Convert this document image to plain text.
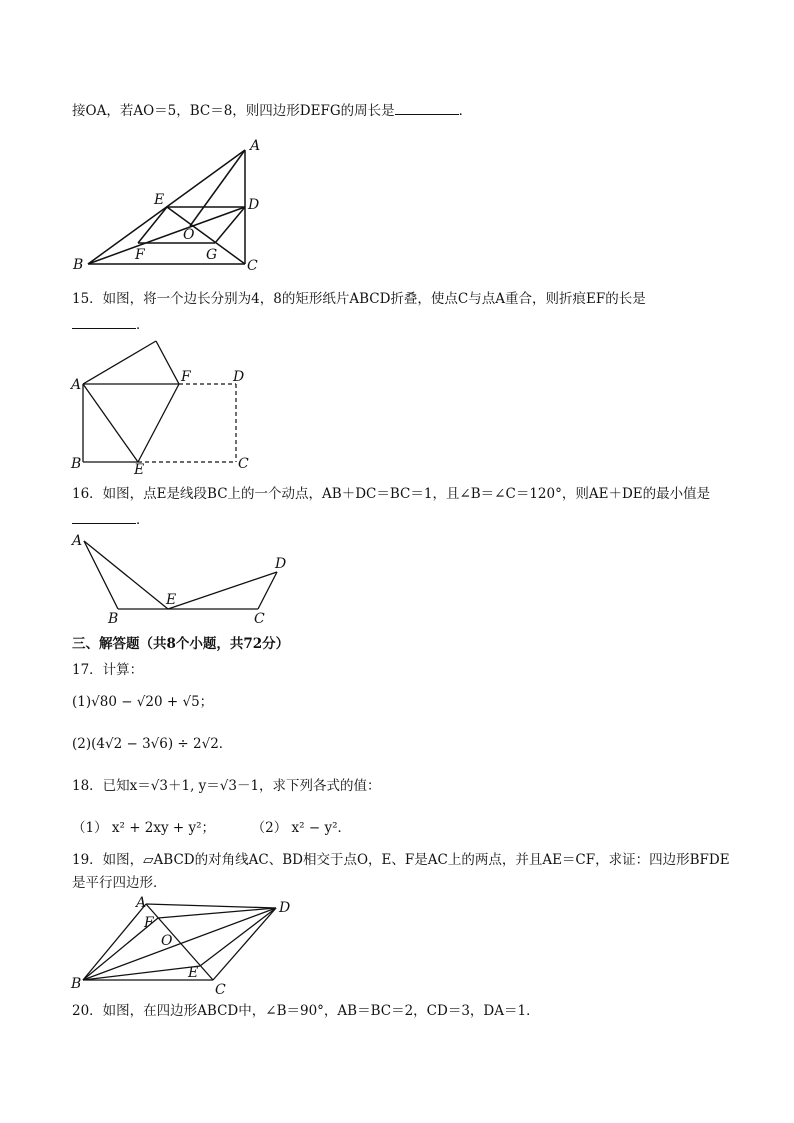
接OA，若AO＝5，BC＝8，则四边形DEFG的周长是	．
A
B	C
D
E
F	G
O
15．如图，将一个边长分别为4，8的矩形纸片ABCD折叠，使点C与点A重合，则折痕EF的长是
．
A
B	C
D
E
F
16．如图，点E是线段BC上的一个动点，AB＋DC＝BC＝1，且∠B＝∠C＝120°，则AE＋DE的最小值是
．
A
B	C
D
E
三、解答题（共8个小题，共72分）
17．计算：
(1)√80 − √20 + √5；
(2)(4√2 − 3√6) ÷ 2√2．
18．已知x＝√3＋1, y＝√3－1，求下列各式的值：
（1） x² + 2xy + y²；	（2） x² − y²．
19．如图，▱ABCD的对角线AC、BD相交于点O，E、F是AC上的两点，并且AE＝CF，求证：四边形BFDE
是平行四边形．
A
B	C
D
E
F
O
20．如图，在四边形ABCD中，∠B＝90°，AB＝BC＝2，CD＝3，DA＝1．
